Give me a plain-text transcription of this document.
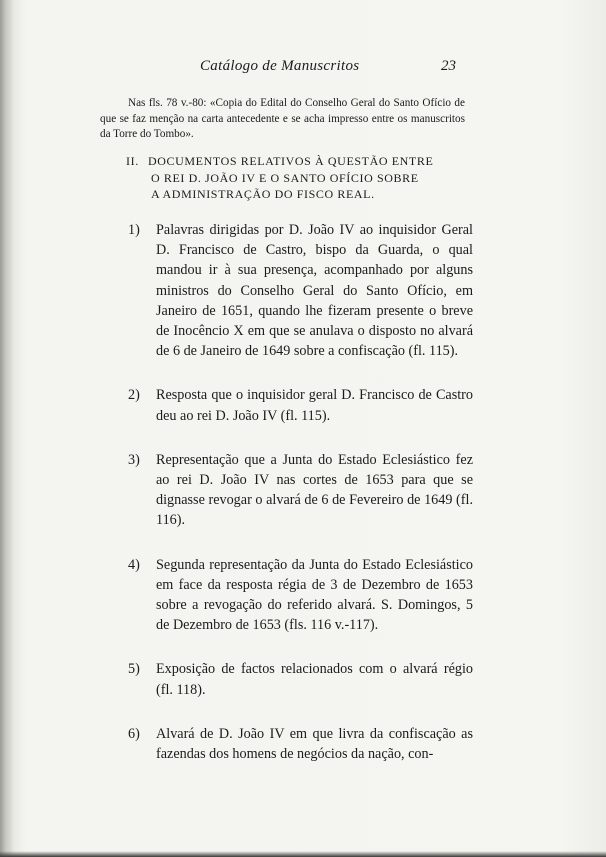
Catálogo de Manuscritos	23

Nas fls. 78 v.-80: «Copia do Edital do Conselho Geral do Santo Ofício de que se faz menção na carta antecedente e se acha impresso entre os manuscritos da Torre do Tombo».

II. DOCUMENTOS RELATIVOS À QUESTÃO ENTRE
O REI D. JOÃO IV E O SANTO OFÍCIO SOBRE
A ADMINISTRAÇÃO DO FISCO REAL.
1) Palavras dirigidas por D. João IV ao inquisidor Geral D. Francisco de Castro, bispo da Guarda, o qual mandou ir à sua presença, acompanhado por alguns ministros do Conselho Geral do Santo Ofício, em Janeiro de 1651, quando lhe fizeram presente o breve de Inocêncio X em que se anulava o disposto no alvará de 6 de Janeiro de 1649 sobre a confiscação (fl. 115).
2) Resposta que o inquisidor geral D. Francisco de Castro deu ao rei D. João IV (fl. 115).
3) Representação que a Junta do Estado Eclesiástico fez ao rei D. João IV nas cortes de 1653 para que se dignasse revogar o alvará de 6 de Fevereiro de 1649 (fl. 116).
4) Segunda representação da Junta do Estado Eclesiástico em face da resposta régia de 3 de Dezembro de 1653 sobre a revogação do referido alvará. S. Domingos, 5 de Dezembro de 1653 (fls. 116 v.-117).
5) Exposição de factos relacionados com o alvará régio (fl. 118).
6) Alvará de D. João IV em que livra da confiscação as fazendas dos homens de negócios da nação, con-
